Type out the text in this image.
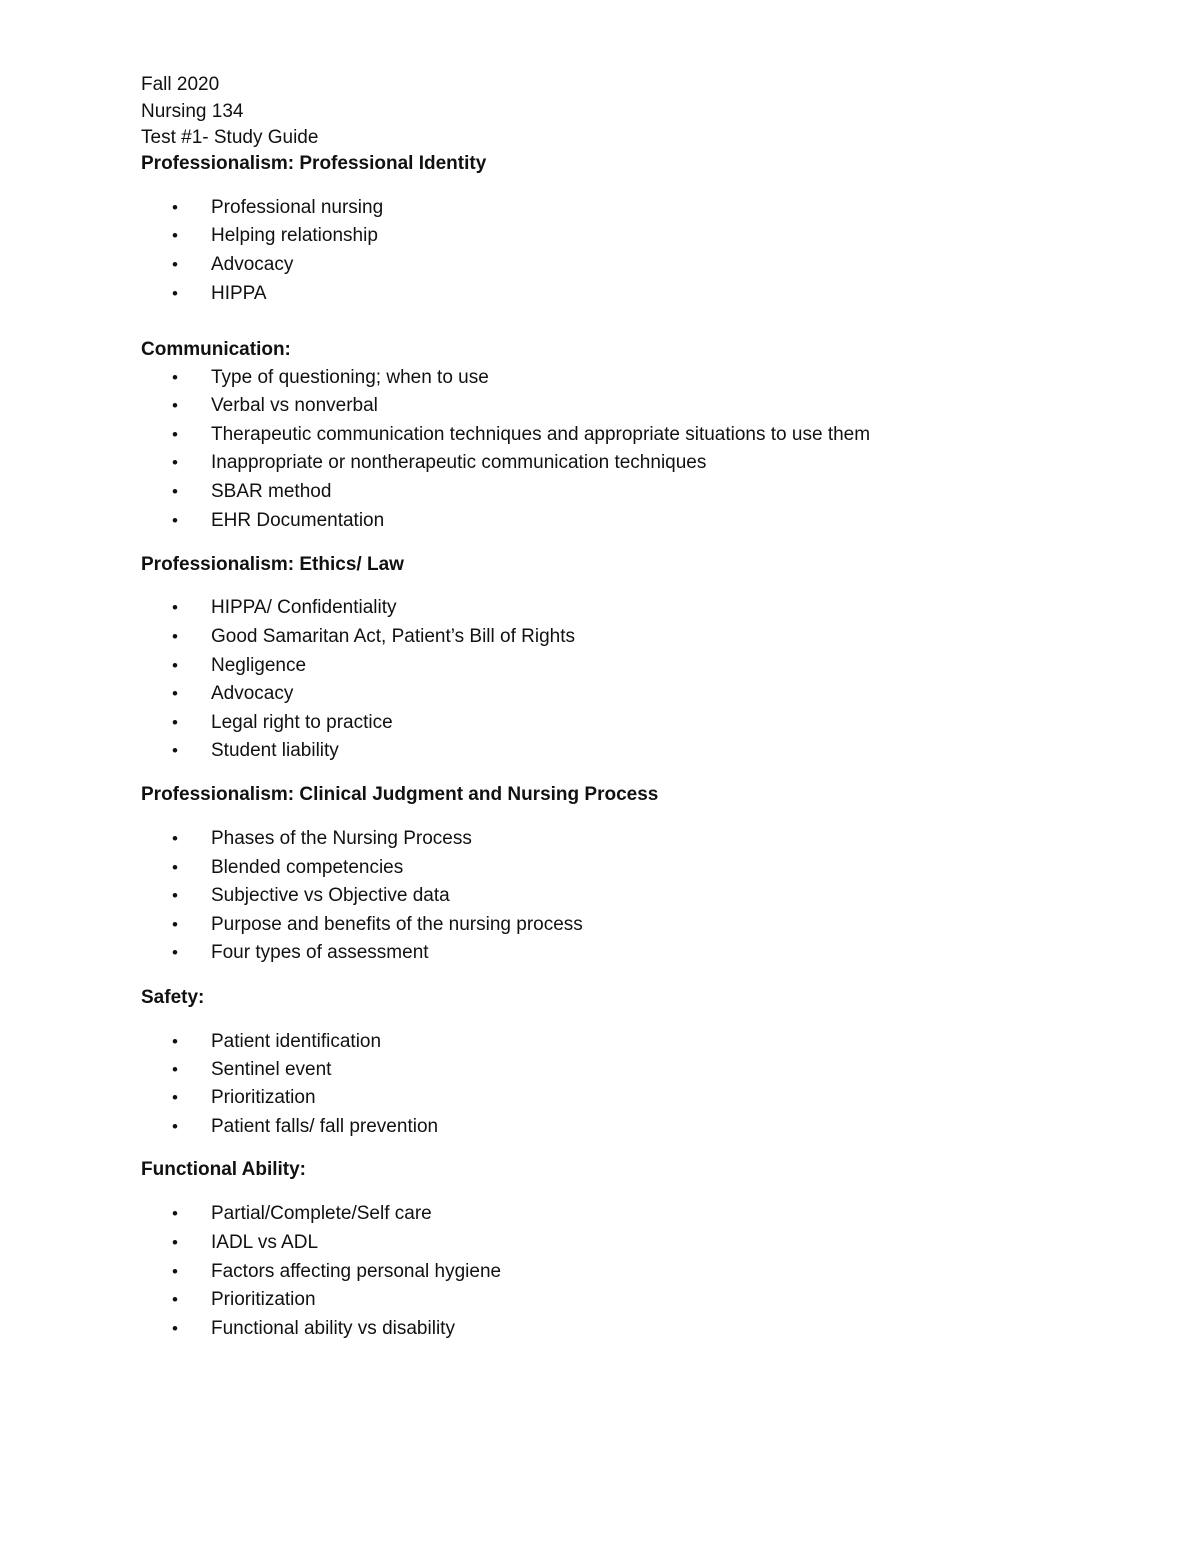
Fall 2020
Nursing 134
Test #1- Study Guide
Professionalism: Professional Identity
• Professional nursing
• Helping relationship
• Advocacy
• HIPPA
Communication:
• Type of questioning; when to use
• Verbal vs nonverbal
• Therapeutic communication techniques and appropriate situations to use them
• Inappropriate or nontherapeutic communication techniques
• SBAR method
• EHR Documentation
Professionalism: Ethics/ Law
• HIPPA/ Confidentiality
• Good Samaritan Act, Patient’s Bill of Rights
• Negligence
• Advocacy
• Legal right to practice
• Student liability
Professionalism: Clinical Judgment and Nursing Process
• Phases of the Nursing Process
• Blended competencies
• Subjective vs Objective data
• Purpose and benefits of the nursing process
• Four types of assessment
Safety:
• Patient identification
• Sentinel event
• Prioritization
• Patient falls/ fall prevention
Functional Ability:
• Partial/Complete/Self care
• IADL vs ADL
• Factors affecting personal hygiene
• Prioritization
• Functional ability vs disability
